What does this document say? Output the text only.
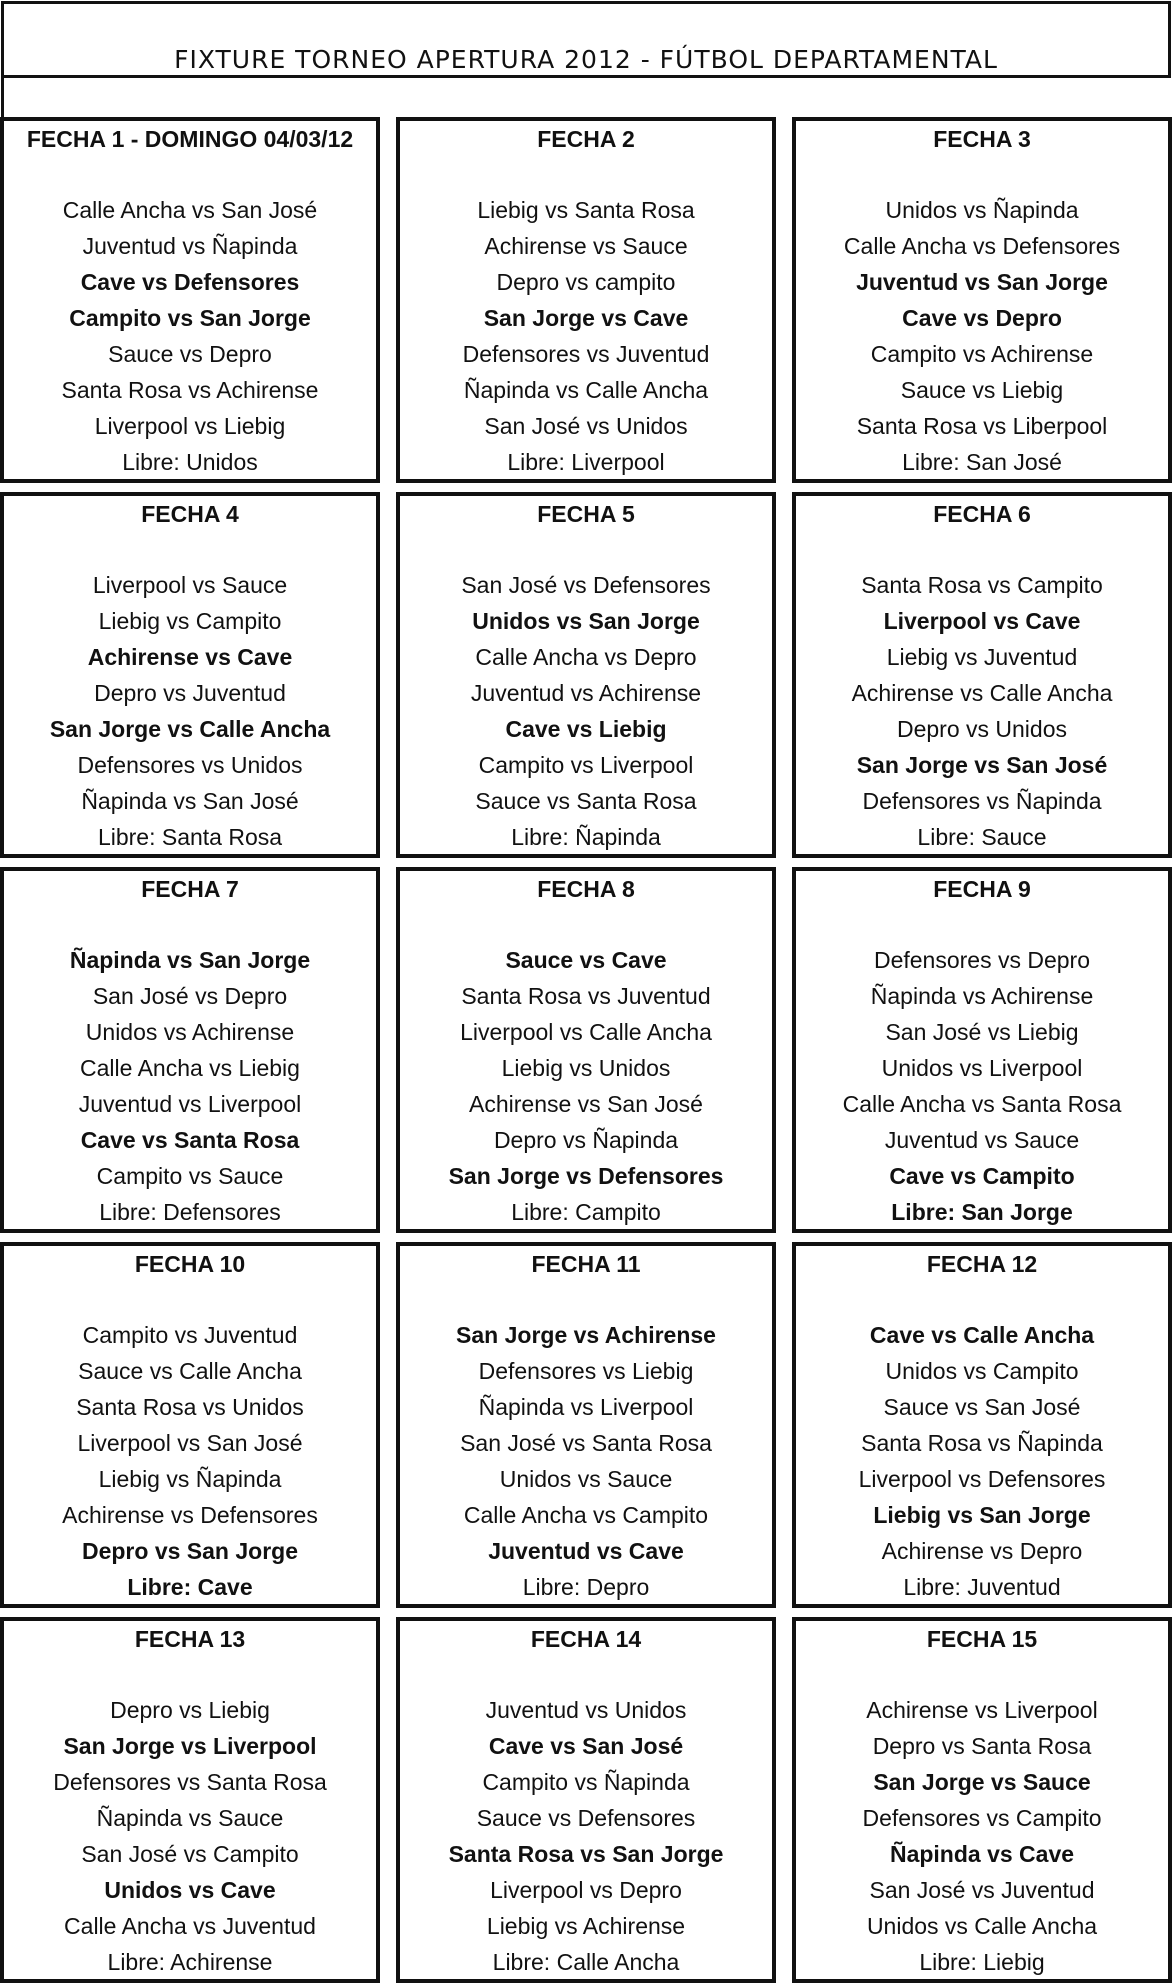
FIXTURE TORNEO APERTURA 2012 - FÚTBOL DEPARTAMENTAL
FECHA 1 - DOMINGO 04/03/12
Calle Ancha vs San José
Juventud vs Ñapinda
Cave vs Defensores
Campito vs San Jorge
Sauce vs Depro
Santa Rosa vs Achirense
Liverpool vs Liebig
Libre: Unidos
FECHA 2
Liebig vs Santa Rosa
Achirense vs Sauce
Depro vs campito
San Jorge vs Cave
Defensores vs Juventud
Ñapinda vs Calle Ancha
San José vs Unidos
Libre: Liverpool
FECHA 3
Unidos vs Ñapinda
Calle Ancha vs Defensores
Juventud vs San Jorge
Cave vs Depro
Campito vs Achirense
Sauce vs Liebig
Santa Rosa vs Liberpool
Libre: San José
FECHA 4
Liverpool vs Sauce
Liebig vs Campito
Achirense vs Cave
Depro vs Juventud
San Jorge vs Calle Ancha
Defensores vs Unidos
Ñapinda vs San José
Libre: Santa Rosa
FECHA 5
San José vs Defensores
Unidos vs San Jorge
Calle Ancha vs Depro
Juventud vs Achirense
Cave vs Liebig
Campito vs Liverpool
Sauce vs Santa Rosa
Libre: Ñapinda
FECHA 6
Santa Rosa vs Campito
Liverpool vs Cave
Liebig vs Juventud
Achirense vs Calle Ancha
Depro vs Unidos
San Jorge vs San José
Defensores vs Ñapinda
Libre: Sauce
FECHA 7
Ñapinda vs San Jorge
San José vs Depro
Unidos vs Achirense
Calle Ancha vs Liebig
Juventud vs Liverpool
Cave vs Santa Rosa
Campito vs Sauce
Libre: Defensores
FECHA 8
Sauce vs Cave
Santa Rosa vs Juventud
Liverpool vs Calle Ancha
Liebig vs Unidos
Achirense vs San José
Depro vs Ñapinda
San Jorge vs Defensores
Libre: Campito
FECHA 9
Defensores vs Depro
Ñapinda vs Achirense
San José vs Liebig
Unidos vs Liverpool
Calle Ancha vs Santa Rosa
Juventud vs Sauce
Cave vs Campito
Libre: San Jorge
FECHA 10
Campito vs Juventud
Sauce vs Calle Ancha
Santa Rosa vs Unidos
Liverpool vs San José
Liebig vs Ñapinda
Achirense vs Defensores
Depro vs San Jorge
Libre: Cave
FECHA 11
San Jorge vs Achirense
Defensores vs Liebig
Ñapinda vs Liverpool
San José vs Santa Rosa
Unidos vs Sauce
Calle Ancha vs Campito
Juventud vs Cave
Libre: Depro
FECHA 12
Cave vs Calle Ancha
Unidos vs Campito
Sauce vs San José
Santa Rosa vs Ñapinda
Liverpool vs Defensores
Liebig vs San Jorge
Achirense vs Depro
Libre: Juventud
FECHA 13
Depro vs Liebig
San Jorge vs Liverpool
Defensores vs Santa Rosa
Ñapinda vs Sauce
San José vs Campito
Unidos vs Cave
Calle Ancha vs Juventud
Libre: Achirense
FECHA 14
Juventud vs Unidos
Cave vs San José
Campito vs Ñapinda
Sauce vs Defensores
Santa Rosa vs San Jorge
Liverpool vs Depro
Liebig vs Achirense
Libre: Calle Ancha
FECHA 15
Achirense vs Liverpool
Depro vs Santa Rosa
San Jorge vs Sauce
Defensores vs Campito
Ñapinda vs Cave
San José vs Juventud
Unidos vs Calle Ancha
Libre: Liebig
